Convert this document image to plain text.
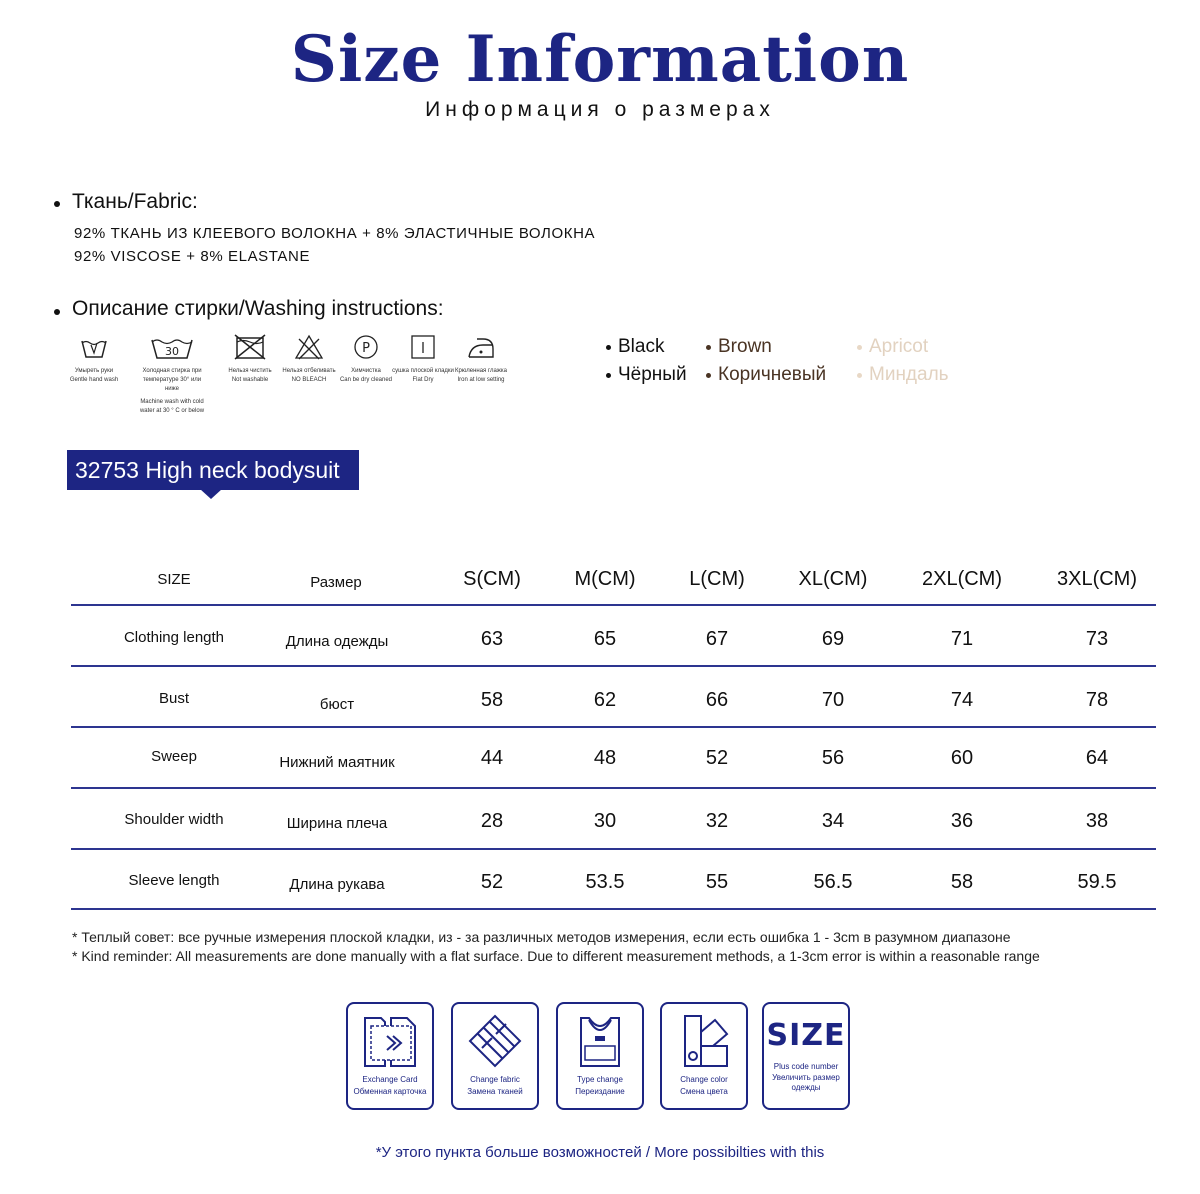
Size Information
Информация о размерах
Ткань/Fabric:
92% ТКАНЬ ИЗ КЛЕЕВОГО ВОЛОКНА + 8% ЭЛАСТИЧНЫЕ ВОЛОКНА
92% VISCOSE + 8% ELASTANE
Описание стирки/Washing instructions:
Умыреть руки
Gentle hand wash
30
Холодная стирка при
температуре 30° или ниже
Machine wash with cold
water at 30 ° C or below
Нельзя чистить
Not washable
Нельзя отбеливать
NO BLEACH
P
Химчистка
Can be dry cleaned
сушка плоской кладки
Flat Dry
Крюленная глажка
Iron at low setting
Black
Чёрный
Brown
Коричневый
Apricot
Миндаль
32753 High neck bodysuit
SIZE	Размер	S(CM)	M(CM)	L(CM)	XL(CM)	2XL(CM)	3XL(CM)
Clothing length	Длина одежды	63	65	67	69	71	73
Bust	бюст	58	62	66	70	74	78
Sweep	Нижний маятник	44	48	52	56	60	64
Shoulder width	Ширина плеча	28	30	32	34	36	38
Sleeve length	Длина рукава	52	53.5	55	56.5	58	59.5
* Теплый совет: все ручные измерения плоской кладки, из - за различных методов измерения, если есть ошибка 1 - 3cm в разумном диапазоне
* Kind reminder: All measurements are done manually with a flat surface. Due to different measurement methods, a 1-3cm error is within a reasonable range
Exchange Card
Обменная карточка
Change fabric
Замена тканей
Type change
Переиздание
Change color
Смена цвета
SIZE
Plus code number
Увеличить размер одежды
*У этого пункта больше возможностей / More possibilties with this
